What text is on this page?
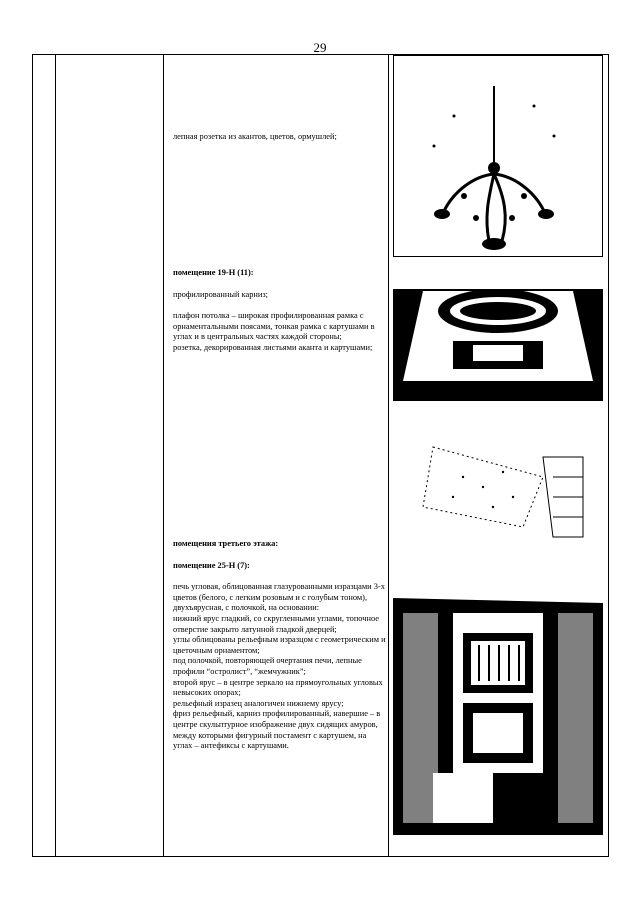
29

лепная розетка из акантов, цветов, ормушлей;

помещение 19-Н (11):

профилированный карниз;

плафон потолка – широкая профилированная рамка с орнаментальными поясами, тонкая рамка с картушами в углах и в центральных частях каждой стороны;

розетка, декорированная листьями аканта и картушами;

помещения третьего этажа:

помещение 25-Н (7):

печь угловая, облицованная глазурованными изразцами 3-х цветов (белого, с легким розовым и с голубым тоном), двухъярусная, с полочкой, на основании:

нижний ярус гладкий, со скругленными углами, топочное отверстие закрыто латунной гладкой дверцей;

углы облицованы рельефным изразцом с геометрическим и цветочным орнаментом;

под полочкой, повторяющей очертания печи, лепные профили “остролист”, “жемчужник”;

второй ярус – в центре зеркало на прямоугольных угловых невысоких опорах;

рельефный изразец аналогичен нижнему ярусу;

фриз рельефный, карниз профилированный, навершие – в центре скульптурное изображение двух сидящих амуров, между которыми фигурный постамент с картушем, на углах – антефиксы с картушами.
